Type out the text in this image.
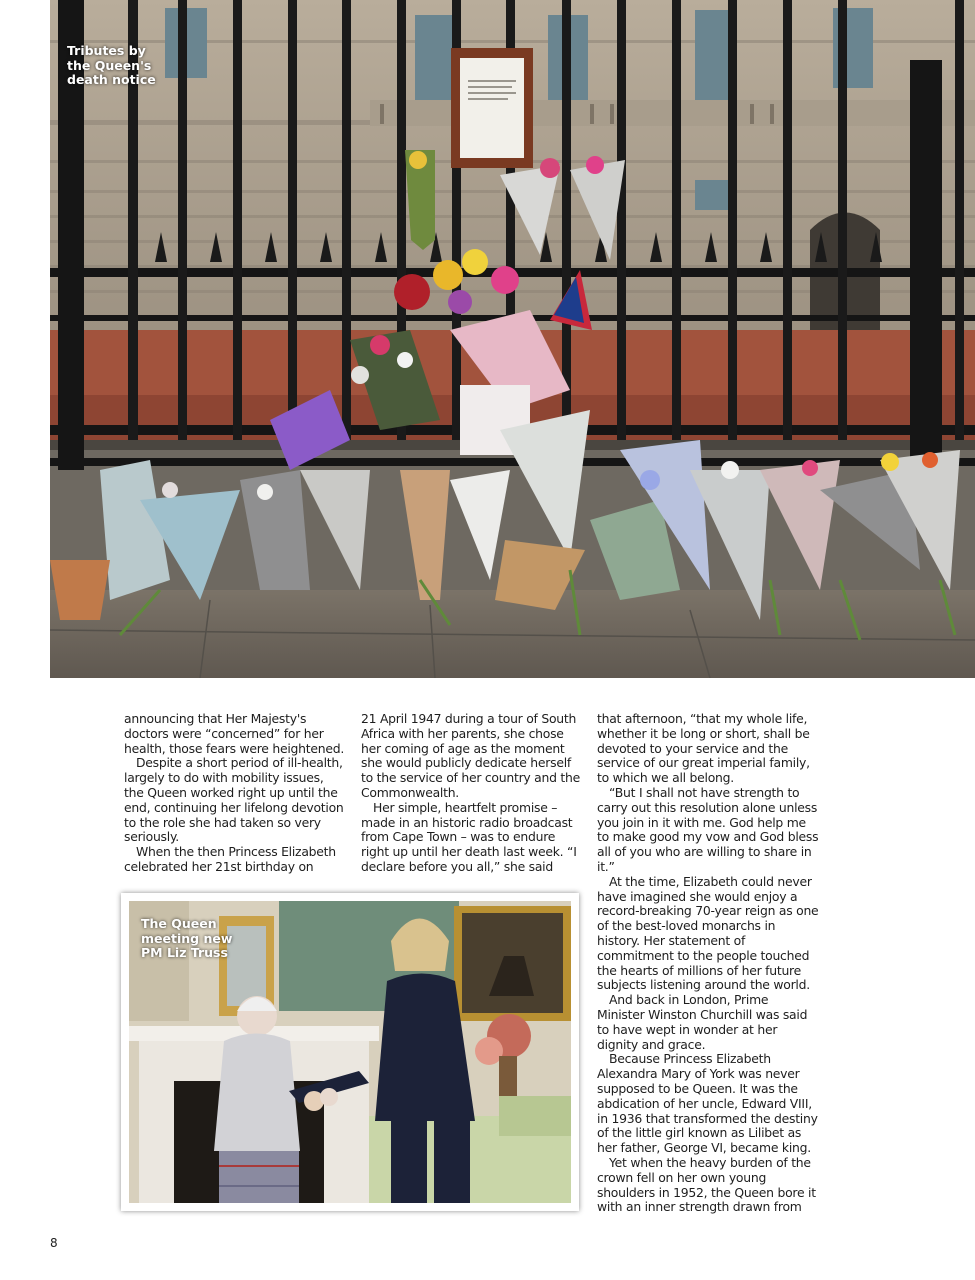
Tributes by
the Queen's
death notice

announcing that Her Majesty's doctors were “concerned” for her health, those fears were heightened.

Despite a short period of ill-health, largely to do with mobility issues, the Queen worked right up until the end, continuing her lifelong devotion to the role she had taken so very seriously.

When the then Princess Elizabeth celebrated her 21st birthday on

21 April 1947 during a tour of South Africa with her parents, she chose her coming of age as the moment she would publicly dedicate herself to the service of her country and the Commonwealth.

Her simple, heartfelt promise – made in an historic radio broadcast from Cape Town – was to endure right up until her death last week. “I declare before you all,” she said

that afternoon, “that my whole life, whether it be long or short, shall be devoted to your service and the service of our great imperial family, to which we all belong.

“But I shall not have strength to carry out this resolution alone unless you join in it with me. God help me to make good my vow and God bless all of you who are willing to share in it.”

At the time, Elizabeth could never have imagined she would enjoy a record-breaking 70-year reign as one of the best-loved monarchs in history. Her statement of commitment to the people touched the hearts of millions of her future subjects listening around the world.

And back in London, Prime Minister Winston Churchill was said to have wept in wonder at her dignity and grace.

Because Princess Elizabeth Alexandra Mary of York was never supposed to be Queen. It was the abdication of her uncle, Edward VIII, in 1936 that transformed the destiny of the little girl known as Lilibet as her father, George VI, became king.

Yet when the heavy burden of the crown fell on her own young shoulders in 1952, the Queen bore it with an inner strength drawn from

The Queen
meeting new
PM Liz Truss
8
